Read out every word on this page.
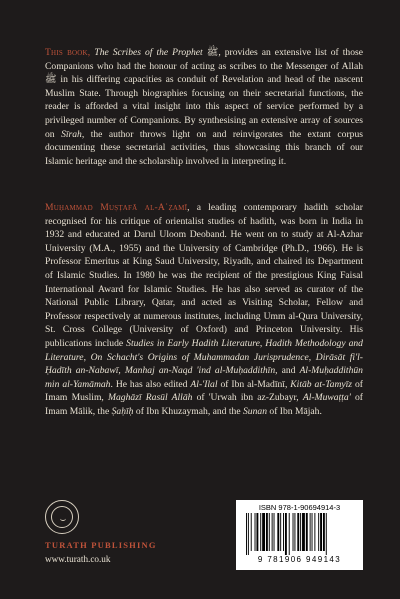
This book, The Scribes of the Prophet ﷺ, provides an extensive list of those Companions who had the honour of acting as scribes to the Messenger of Allah ﷺ in his differing capacities as conduit of Revelation and head of the nascent Muslim State. Through biographies focusing on their secretarial functions, the reader is afforded a vital insight into this aspect of service performed by a privileged number of Companions. By synthesising an extensive array of sources on Sīrah, the author throws light on and reinvigorates the extant corpus documenting these secretarial activities, thus showcasing this branch of our Islamic heritage and the scholarship involved in interpreting it.

Muḥammad Muṣṭafā al-Aʿẓamī, a leading contemporary hadith scholar recognised for his critique of orientalist studies of hadith, was born in India in 1932 and educated at Darul Uloom Deoband. He went on to study at Al-Azhar University (M.A., 1955) and the University of Cambridge (Ph.D., 1966). He is Professor Emeritus at King Saud University, Riyadh, and chaired its Department of Islamic Studies. In 1980 he was the recipient of the prestigious King Faisal International Award for Islamic Studies. He has also served as curator of the National Public Library, Qatar, and acted as Visiting Scholar, Fellow and Professor respectively at numerous institutes, including Umm al-Qura University, St. Cross College (University of Oxford) and Princeton University. His publications include Studies in Early Hadith Literature, Hadith Methodology and Literature, On Schacht's Origins of Muhammadan Jurisprudence, Dirāsāt fi'l-Ḥadīth an-Nabawī, Manhaj an-Naqd 'ind al-Muḥaddithīn, and Al-Muḥaddithūn min al-Yamāmah. He has also edited Al-'Ilal of Ibn al-Madīnī, Kitāb at-Tamyīz of Imam Muslim, Maghāzī Rasūl Allāh of 'Urwah ibn az-Zubayr, Al-Muwaṭṭa' of Imam Mālik, the Ṣaḥīḥ of Ibn Khuzaymah, and the Sunan of Ibn Mājah.

TURATH PUBLISHING
www.turath.co.uk
ISBN 978-1-90694914-3
9 781906 949143
